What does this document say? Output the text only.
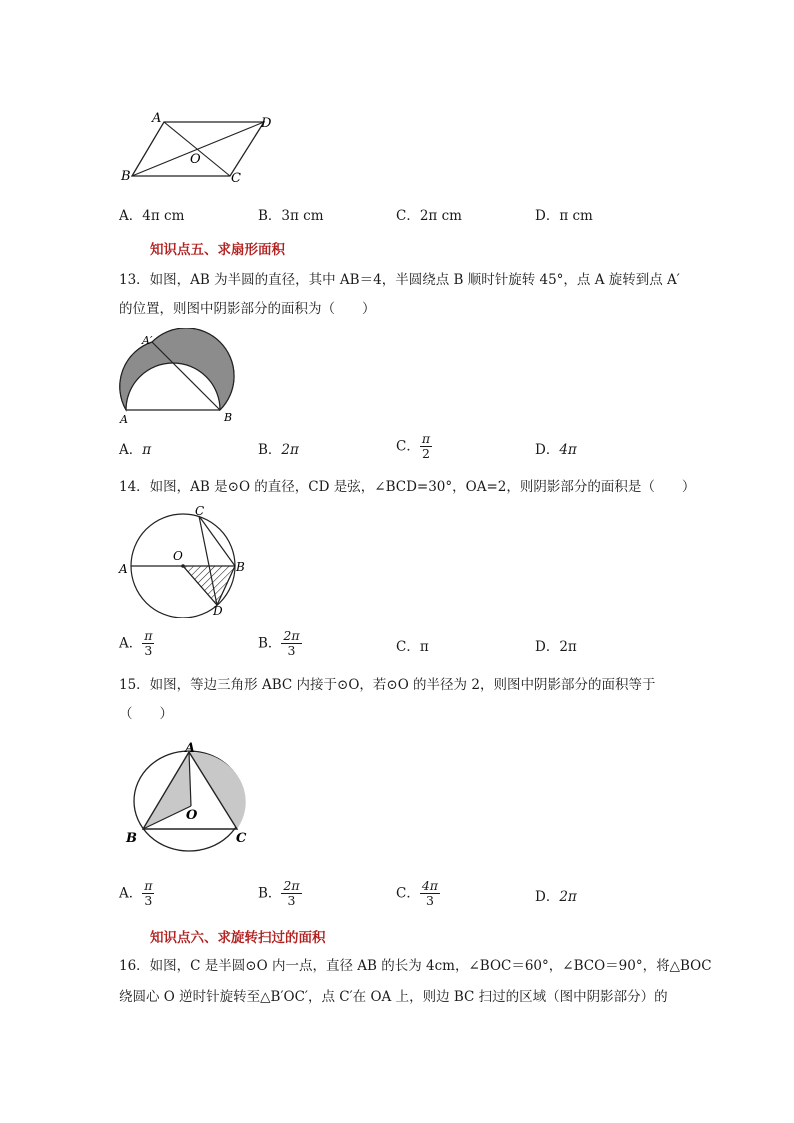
A	D
O
B	C
A．4π cm	B．3π cm	C．2π cm	D．π cm
知识点五、求扇形面积
13．如图，AB 为半圆的直径，其中 AB＝4，半圆绕点 B 顺时针旋转 45°，点 A 旋转到点 A′
的位置，则图中阴影部分的面积为（　　）
A′
A	B
A．π	B．2π	C． $\frac{\pi}{2}$	D．4π
14．如图，AB 是⊙O 的直径，CD 是弦，∠BCD=30°，OA=2，则阴影部分的面积是（　　）
C
O
A	B
D
A． $\frac{\pi}{3}$	B． $\frac{2\pi}{3}$	C．π	D．2π
15．如图，等边三角形 ABC 内接于⊙O，若⊙O 的半径为 2，则图中阴影部分的面积等于
（　　）
A
O
B	C
A． $\frac{\pi}{3}$	B． $\frac{2\pi}{3}$	C． $\frac{4\pi}{3}$	D．2π
知识点六、求旋转扫过的面积
16．如图，C 是半圆⊙O 内一点，直径 AB 的长为 4cm，∠BOC＝60°，∠BCO＝90°，将△BOC
绕圆心 O 逆时针旋转至△B′OC′，点 C′在 OA 上，则边 BC 扫过的区域（图中阴影部分）的
